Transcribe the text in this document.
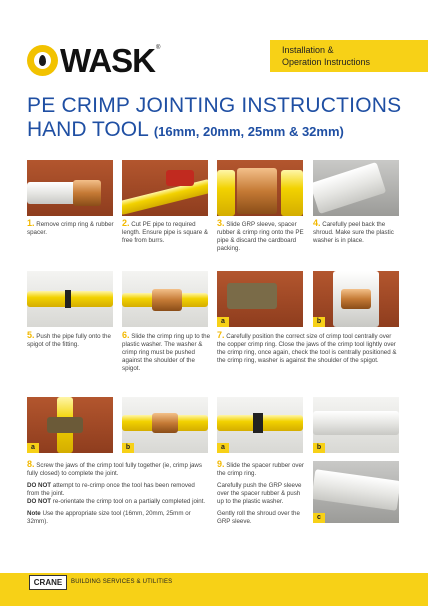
WASK ®	Installation &
Operation Instructions
PE CRIMP JOINTING INSTRUCTIONS
HAND TOOL (16mm, 20mm, 25mm & 32mm)
1. Remove crimp ring & rubber spacer.
2. Cut PE pipe to required length. Ensure pipe is square & free from burrs.
3. Slide GRP sleeve, spacer rubber & crimp ring onto the PE pipe & discard the cardboard packing.
4. Carefully peel back the shroud. Make sure the plastic washer is in place.
a	b
5. Push the pipe fully onto the spigot of the fitting.
6. Slide the crimp ring up to the plastic washer. The washer & crimp ring must be pushed against the shoulder of the spigot.
7. Carefully position the correct size of crimp tool centrally over the copper crimp ring. Close the jaws of the crimp tool lightly over the crimp ring, once again, check the tool is centrally positioned & the crimp ring, washer is against the shoulder of the spigot.
a	b	a	b
c
8. Screw the jaws of the crimp tool fully together (ie, crimp jaws fully closed) to complete the joint.

DO NOT attempt to re-crimp once the tool has been removed from the joint.
DO NOT re-orientate the crimp tool on a partially completed joint.

Note Use the appropriate size tool (16mm, 20mm, 25mm or 32mm).

9. Slide the spacer rubber over the crimp ring.

Carefully push the GRP sleeve over the spacer rubber & push up to the plastic washer.

Gently roll the shroud over the GRP sleeve.

CRANE	BUILDING SERVICES & UTILITIES
